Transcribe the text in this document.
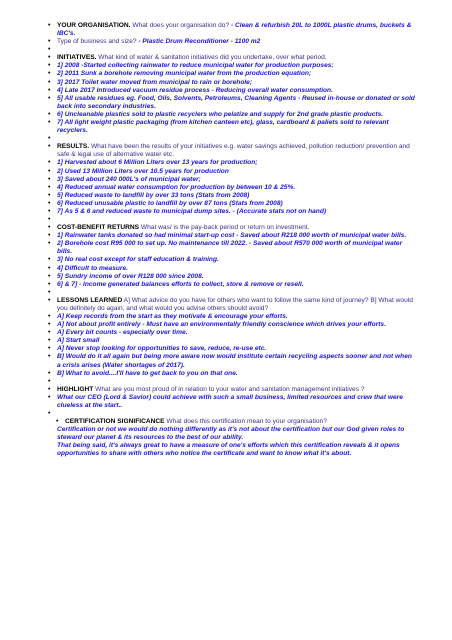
• YOUR ORGANISATION. What does your organisation do? - Clean & refurbish 20L to 1000L plastic drums, buckets & IBC's.
• Type of business and size? - Plastic Drum Reconditioner - 1100 m2
•
• INITIATIVES. What kind of water & sanitation initiatives did you undertake, over what period.
• 1] 2008 -Started collecting rainwater to reduce municipal water for production purposes;
• 2] 2011 Sunk a borehole removing municipal water from the production equation;
• 3] 2017 Toilet water moved from municipal to rain or borehole;
• 4] Late 2017 Introduced vacuum residue process - Reducing overall water consumption.
• 5] All usable residues eg. Food, Oils, Solvents, Petroleums, Cleaning Agents - Reused in-house or donated or sold back into secondary industries.
• 6] Uncleanable plastics sold to plastic recyclers who pelatize and supply for 2nd grade plastic products.
• 7] All light weight plastic packaging (from kitchen canteen etc), glass, cardboard & paliets sold to relevant recyclers.
•
• RESULTS. What have been the results of your initiatives e.g. water savings achieved, pollution reduction/ prevention and safe & legal use of alternative water etc.
• 1] Harvested about 6 Million Liters over 13 years for production;
• 2] Used 13 Million Liters over 10.5 years for production
• 3] Saved about 240 000L's of municipal water;
• 4] Reduced annual water consumption for production by between 10 & 25%.
• 5] Reduced waste to landfill by over 33 tons (Stats from 2008)
• 6] Reduced unusable plastic to landfill by over 87 tons (Stats from 2008)
• 7] As 5 & 6 and reduced waste to municipal dump sites. - (Accurate stats not on hand)
•
• COST-BENEFIT RETURNS What was/ is the pay-back period or return on investment.
• 1] Rainwater tanks donated so had minimal start-up cost - Saved about R218 000 worth of municipal water bills.
• 2] Borehole cost R95 000 to set up. No maintenance till 2022. - Saved about R570 000 worth of municipal water bills.
• 3] No real cost except for staff education & training.
• 4] Difficult to measure.
• 5] Sundry income of over R128 000 since 2008.
• 6] & 7] - Income generated balances efforts to collect, store & remove or resell.
•
• LESSONS LEARNED A] What advice do you have for others who want to follow the same kind of journey? B] What would you definitely do again, and what would you advise others should avoid?
• A] Keep records from the start as they motivate & encourage your efforts.
• A] Not about profit entirely - Must have an environmentally friendly conscience which drives your efforts.
• A] Every bit counts - especially over time.
• A] Start small
• A] Never stop looking for opportunities to save, reduce, re-use etc.
• B] Would do it all again but being more aware now would institute certain recycling aspects sooner and not when a crisis arises (Water shortages of 2017).
• B] What to avoid....I'll have to get back to you on that one.
•
• HIGHLIGHT What are you most proud of in relation to your water and sanitation management initiatives ?
• What our CEO (Lord & Savior) could achieve with such a small business, limited resources and crew that were clueless at the start..
•
• CERTIFICATION SIGNIFICANCE What does this certification mean to your organisation?

Certification or not we would do nothing differently as it's not about the certification but our God given roles to steward our planet & its resources to the best of our ability.

That being said, it's always great to have a measure of one's efforts which this certification reveals & it opens opportunities to share with others who notice the certificate and want to know what it's about.
